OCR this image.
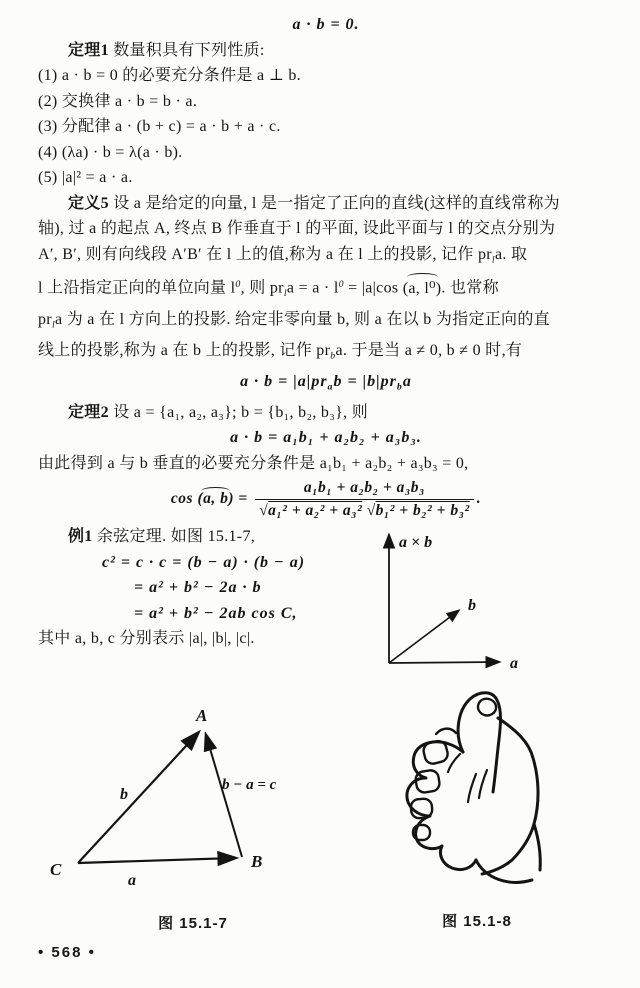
a · b = 0.
定理1 数量积具有下列性质:
(1) a · b = 0 的必要充分条件是 a ⊥ b.
(2) 交换律 a · b = b · a.
(3) 分配律 a · (b + c) = a · b + a · c.
(4) (λa) · b = λ(a · b).
(5) |a|² = a · a.
定义5 设 a 是给定的向量, l 是一指定了正向的直线(这样的直线常称为
轴), 过 a 的起点 A, 终点 B 作垂直于 l 的平面, 设此平面与 l 的交点分别为
A′, B′, 则有向线段 A′B′ 在 l 上的值,称为 a 在 l 上的投影, 记作 $pr_la$. 取
l 上沿指定正向的单位向量 $l^0$, 则 $pr_la = a \cdot l^0 = |a|\cos$ (a, l⁰). 也常称
$pr_la$ 为 a 在 l 方向上的投影. 给定非零向量 b, 则 a 在以 b 为指定正向的直
线上的投影,称为 a 在 b 上的投影, 记作 $pr_ba$. 于是当 a ≠ 0, b ≠ 0 时,有
$a \cdot b = |a|pr_ab = |b|pr_ba$
定理2 设 a = {a₁, a₂, a₃}; b = {b₁, b₂, b₃}, 则
a · b = a₁b₁ + a₂b₂ + a₃b₃.
由此得到 a 与 b 垂直的必要充分条件是 a₁b₁ + a₂b₂ + a₃b₃ = 0,
cos (a, $b) = \frac{\text{a₁b₁ + a₂b₂ + a₃b₃}}{\text{√a₁² + a₂² + a₃² √b₁² + b₂² + b₃²}}$ .
例1 余弦定理. 如图 15.1-7,
c² = c · c = (b − a) · (b − a)
= a² + b² − 2a · b
= a² + b² − 2ab cos C,
其中 a, b, c 分别表示 |a|, |b|, |c|.
a × b
b
a
A
C	B
b
a
b − a = c
图 15.1-7	图 15.1-8
• 568 •
